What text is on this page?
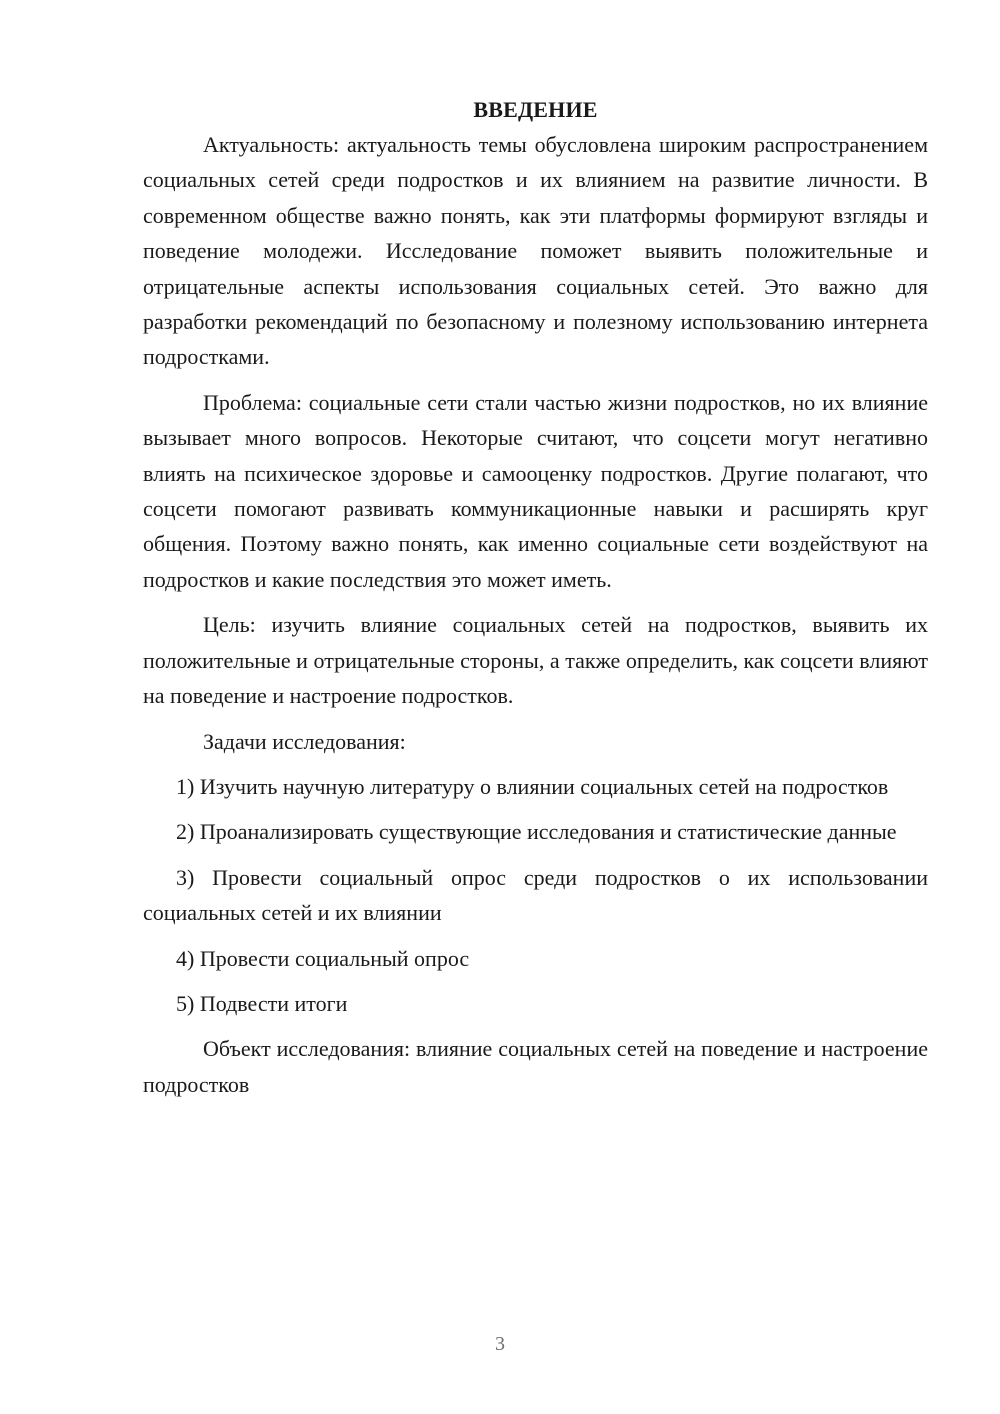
ВВЕДЕНИЕ

Актуальность: актуальность темы обусловлена широким распространением социальных сетей среди подростков и их влиянием на развитие личности. В современном обществе важно понять, как эти платформы формируют взгляды и поведение молодежи. Исследование поможет выявить положительные и отрицательные аспекты использования социальных сетей. Это важно для разработки рекомендаций по безопасному и полезному использованию интернета подростками.

Проблема: социальные сети стали частью жизни подростков, но их влияние вызывает много вопросов. Некоторые считают, что соцсети могут негативно влиять на психическое здоровье и самооценку подростков. Другие полагают, что соцсети помогают развивать коммуникационные навыки и расширять круг общения. Поэтому важно понять, как именно социальные сети воздействуют на подростков и какие последствия это может иметь.

Цель: изучить влияние социальных сетей на подростков, выявить их положительные и отрицательные стороны, а также определить, как соцсети влияют на поведение и настроение подростков.

Задачи исследования:

1) Изучить научную литературу о влиянии социальных сетей на подростков

2) Проанализировать существующие исследования и статистические данные

3) Провести социальный опрос среди подростков о их использовании социальных сетей и их влиянии

4) Провести социальный опрос

5) Подвести итоги

Объект исследования: влияние социальных сетей на поведение и настроение подростков

3
